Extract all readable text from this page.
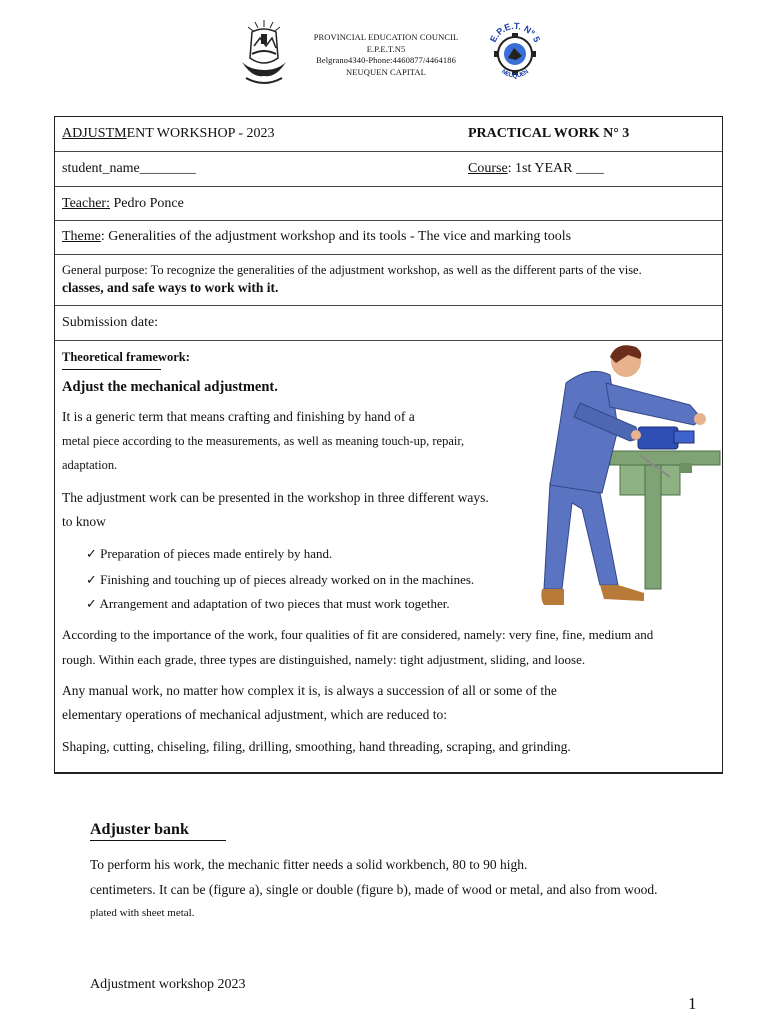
PROVINCIAL EDUCATION COUNCIL
E.P.E.T.N5
Belgrano4340-Phone:4460877/4464186
NEUQUEN CAPITAL
E.P.E.T. Nº 5
NEUQUEN
ADJUSTMENT WORKSHOP - 2023	PRACTICAL WORK N° 3
student_name________	Course: 1st YEAR ____
Teacher: Pedro Ponce
Theme: Generalities of the adjustment workshop and its tools - The vice and marking tools
General purpose: To recognize the generalities of the adjustment workshop, as well as the different parts of the vise.
classes, and safe ways to work with it.
Submission date:
Theoretical framework:
Adjust the mechanical adjustment.
It is a generic term that means crafting and finishing by hand of a
metal piece according to the measurements, as well as meaning touch-up, repair,
adaptation.
The adjustment work can be presented in the workshop in three different ways.
to know
✓ Preparation of pieces made entirely by hand.
✓ Finishing and touching up of pieces already worked on in the machines.
✓ Arrangement and adaptation of two pieces that must work together.
According to the importance of the work, four qualities of fit are considered, namely: very fine, fine, medium and
rough. Within each grade, three types are distinguished, namely: tight adjustment, sliding, and loose.
Any manual work, no matter how complex it is, is always a succession of all or some of the
elementary operations of mechanical adjustment, which are reduced to:
Shaping, cutting, chiseling, filing, drilling, smoothing, hand threading, scraping, and grinding.
Adjuster bank
To perform his work, the mechanic fitter needs a solid workbench, 80 to 90 high.
centimeters. It can be (figure a), single or double (figure b), made of wood or metal, and also from wood.
plated with sheet metal.
Adjustment workshop 2023
1
